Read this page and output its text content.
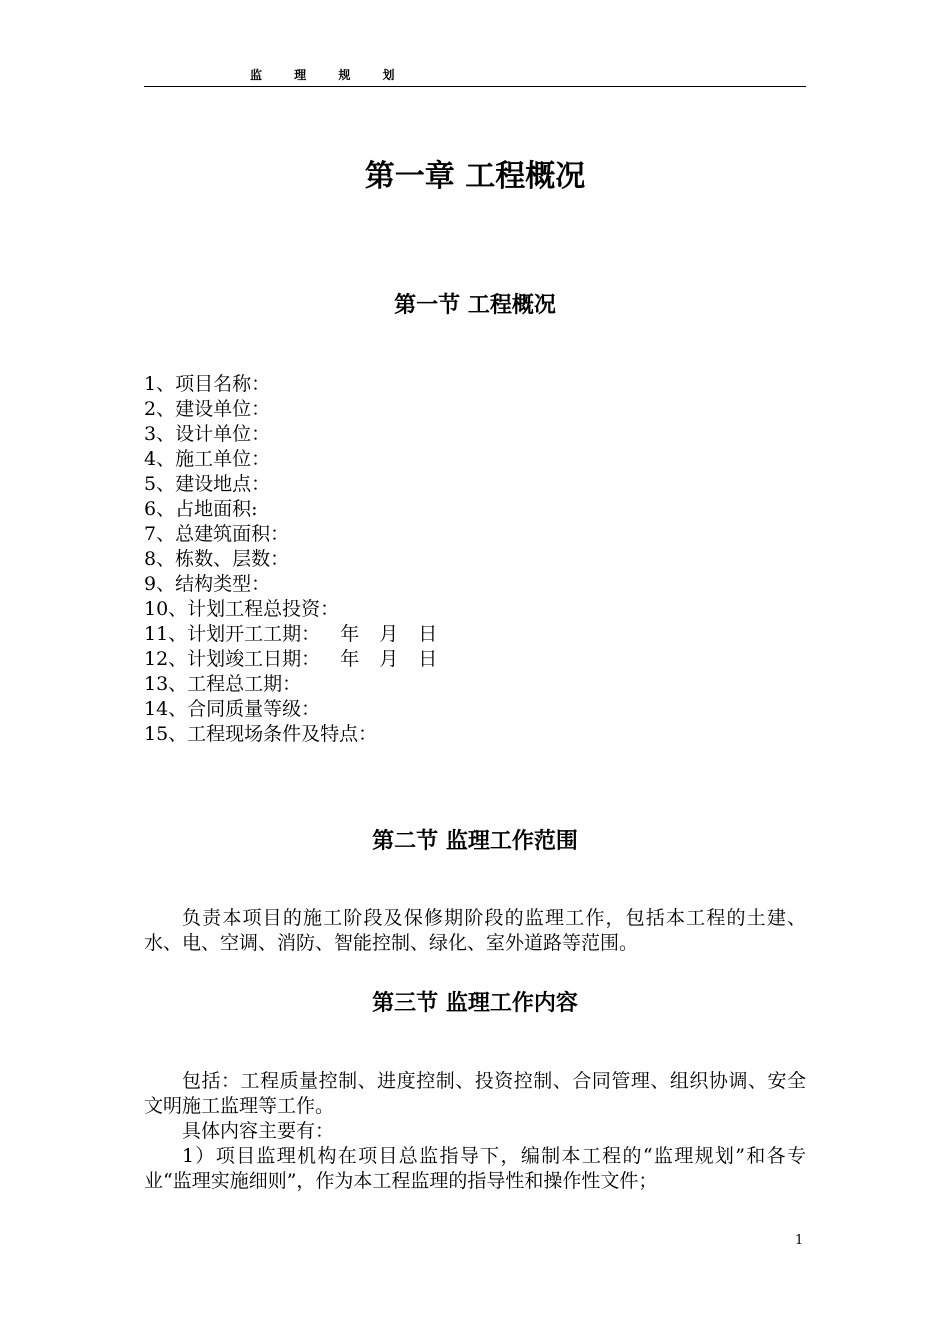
监 理 规 划
第一章 工程概况
第一节 工程概况
1、项目名称：
2、建设单位：
3、设计单位：
4、施工单位：
5、建设地点：
6、占地面积:
7、总建筑面积：
8、栋数、层数：
9、结构类型：
10、计划工程总投资：
11、计划开工工期： 年 月 日
12、计划竣工日期： 年 月 日
13、工程总工期：
14、合同质量等级：
15、工程现场条件及特点：
第二节 监理工作范围

负责本项目的施工阶段及保修期阶段的监理工作，包括本工程的土建、水、电、空调、消防、智能控制、绿化、室外道路等范围。

第三节 监理工作内容

包括：工程质量控制、进度控制、投资控制、合同管理、组织协调、安全文明施工监理等工作。

具体内容主要有：

1）项目监理机构在项目总监指导下，编制本工程的“监理规划”和各专业“监理实施细则”，作为本工程监理的指导性和操作性文件；

1
